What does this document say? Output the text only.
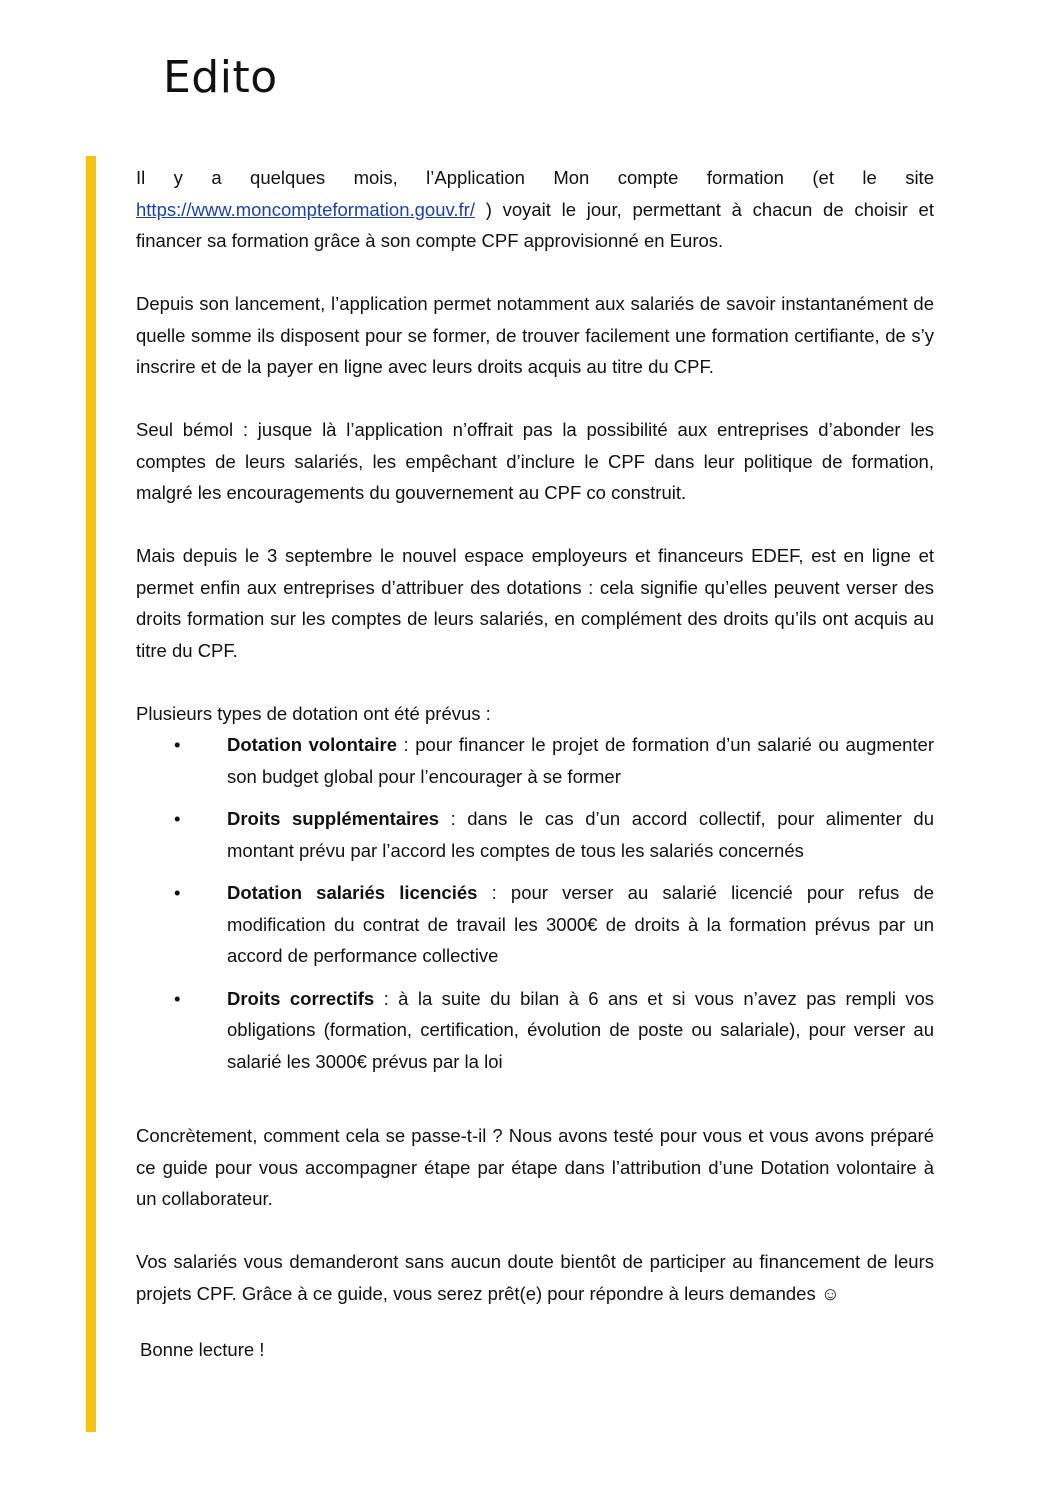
Edito

Il y a quelques mois, l’Application Mon compte formation (et le site https://www.moncompteformation.gouv.fr/ ) voyait le jour, permettant à chacun de choisir et financer sa formation grâce à son compte CPF approvisionné en Euros.

Depuis son lancement, l’application permet notamment aux salariés de savoir instantanément de quelle somme ils disposent pour se former, de trouver facilement une formation certifiante, de s’y inscrire et de la payer en ligne avec leurs droits acquis au titre du CPF.

Seul bémol : jusque là l’application n’offrait pas la possibilité aux entreprises d’abonder les comptes de leurs salariés, les empêchant d’inclure le CPF dans leur politique de formation, malgré les encouragements du gouvernement au CPF co construit.

Mais depuis le 3 septembre le nouvel espace employeurs et financeurs EDEF, est en ligne et permet enfin aux entreprises d’attribuer des dotations : cela signifie qu’elles peuvent verser des droits formation sur les comptes de leurs salariés, en complément des droits qu’ils ont acquis au titre du CPF.

Plusieurs types de dotation ont été prévus :

•	Dotation volontaire : pour financer le projet de formation d’un salarié ou augmenter son budget global pour l’encourager à se former
•	Droits supplémentaires : dans le cas d’un accord collectif, pour alimenter du montant prévu par l’accord les comptes de tous les salariés concernés
•	Dotation salariés licenciés : pour verser au salarié licencié pour refus de modification du contrat de travail les 3000€ de droits à la formation prévus par un accord de performance collective
•	Droits correctifs : à la suite du bilan à 6 ans et si vous n’avez pas rempli vos obligations (formation, certification, évolution de poste ou salariale), pour verser au salarié les 3000€ prévus par la loi

Concrètement, comment cela se passe-t-il ? Nous avons testé pour vous et vous avons préparé ce guide pour vous accompagner étape par étape dans l’attribution d’une Dotation volontaire à un collaborateur.

Vos salariés vous demanderont sans aucun doute bientôt de participer au financement de leurs projets CPF. Grâce à ce guide, vous serez prêt(e) pour répondre à leurs demandes ☺

Bonne lecture !
